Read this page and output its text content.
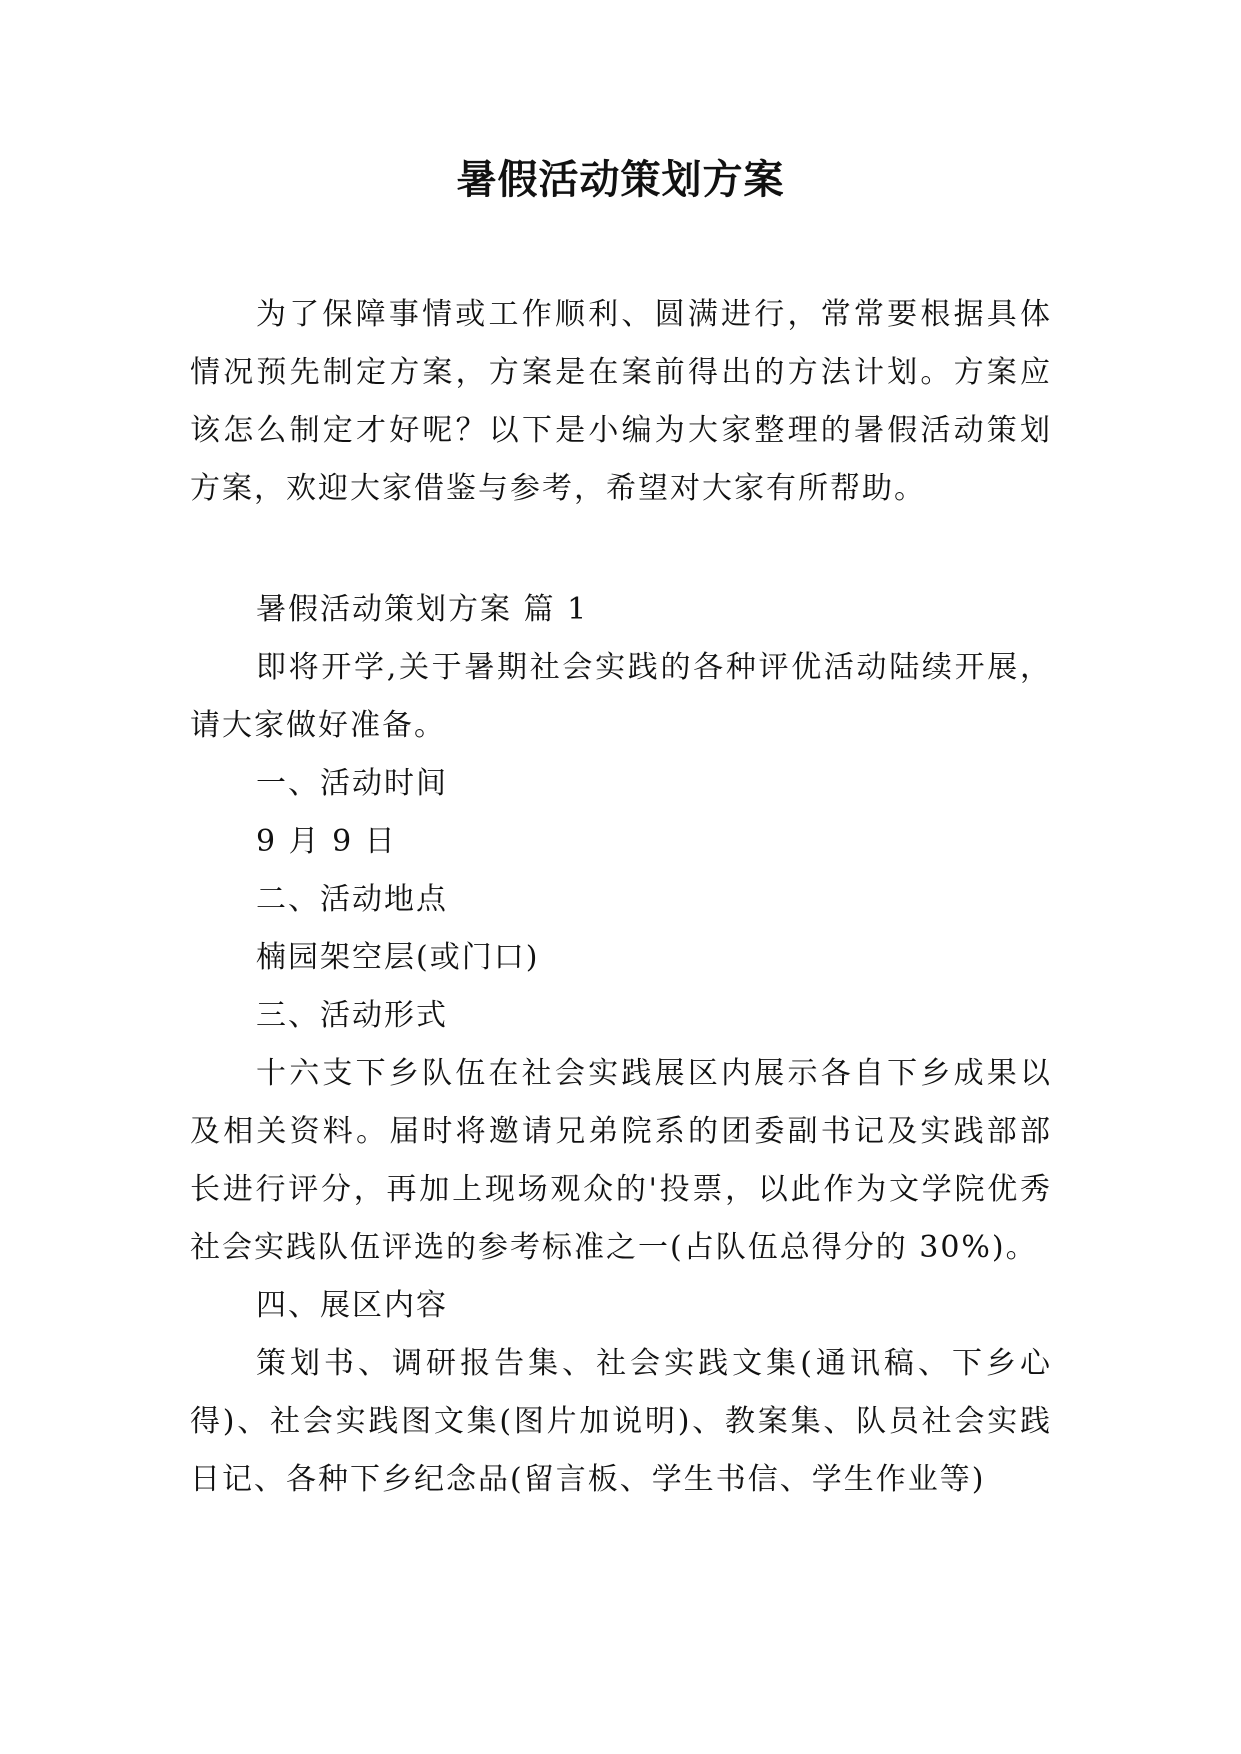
暑假活动策划方案
为了保障事情或工作顺利、圆满进行，常常要根据具体情况预先制定方案，方案是在案前得出的方法计划。方案应该怎么制定才好呢？以下是小编为大家整理的暑假活动策划方案，欢迎大家借鉴与参考，希望对大家有所帮助。

暑假活动策划方案 篇 1

即将开学,关于暑期社会实践的各种评优活动陆续开展，请大家做好准备。

一、活动时间

9 月 9 日

二、活动地点

楠园架空层(或门口)

三、活动形式

十六支下乡队伍在社会实践展区内展示各自下乡成果以及相关资料。届时将邀请兄弟院系的团委副书记及实践部部长进行评分，再加上现场观众的'投票，以此作为文学院优秀社会实践队伍评选的参考标准之一(占队伍总得分的 30%)。

四、展区内容

策划书、调研报告集、社会实践文集(通讯稿、下乡心得)、社会实践图文集(图片加说明)、教案集、队员社会实践日记、各种下乡纪念品(留言板、学生书信、学生作业等)
